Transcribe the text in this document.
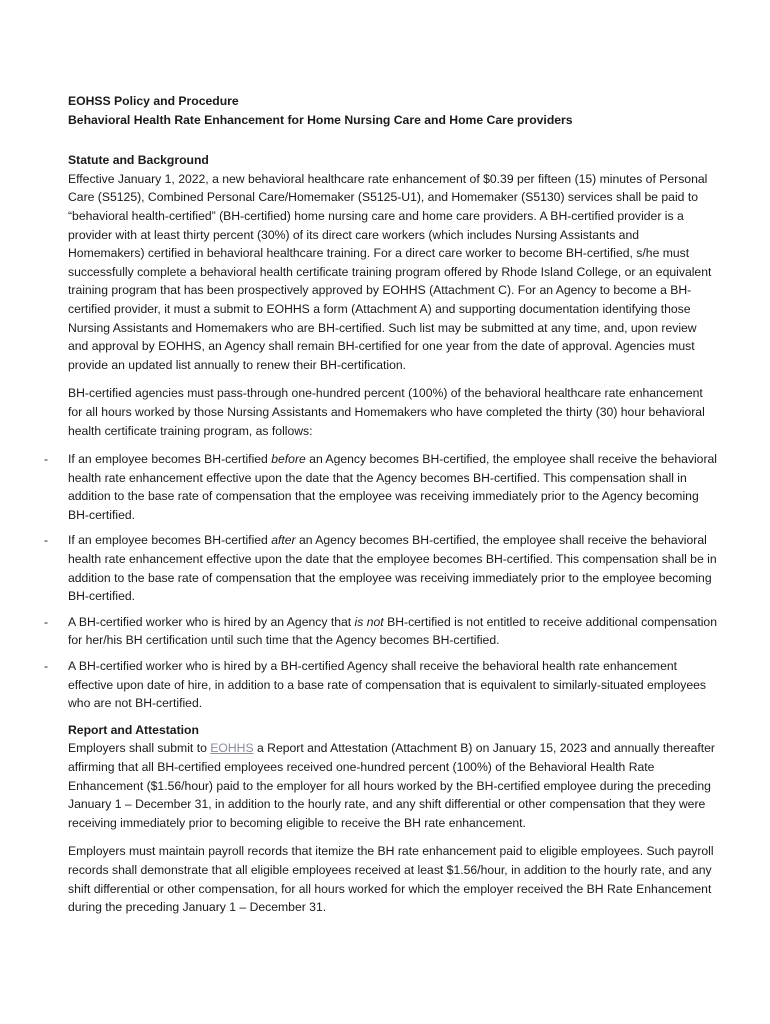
EOHSS Policy and Procedure
Behavioral Health Rate Enhancement for Home Nursing Care and Home Care providers
Statute and Background

Effective January 1, 2022, a new behavioral healthcare rate enhancement of $0.39 per fifteen (15) minutes of Personal Care (S5125), Combined Personal Care/Homemaker (S5125-U1), and Homemaker (S5130) services shall be paid to “behavioral health-certified” (BH-certified) home nursing care and home care providers. A BH-certified provider is a provider with at least thirty percent (30%) of its direct care workers (which includes Nursing Assistants and Homemakers) certified in behavioral healthcare training. For a direct care worker to become BH-certified, s/he must successfully complete a behavioral health certificate training program offered by Rhode Island College, or an equivalent training program that has been prospectively approved by EOHHS (Attachment C). For an Agency to become a BH-certified provider, it must a submit to EOHHS a form (Attachment A) and supporting documentation identifying those Nursing Assistants and Homemakers who are BH-certified. Such list may be submitted at any time, and, upon review and approval by EOHHS, an Agency shall remain BH-certified for one year from the date of approval. Agencies must provide an updated list annually to renew their BH-certification.

BH-certified agencies must pass-through one-hundred percent (100%) of the behavioral healthcare rate enhancement for all hours worked by those Nursing Assistants and Homemakers who have completed the thirty (30) hour behavioral health certificate training program, as follows:

- If an employee becomes BH-certified before an Agency becomes BH-certified, the employee shall receive the behavioral health rate enhancement effective upon the date that the Agency becomes BH-certified. This compensation shall in addition to the base rate of compensation that the employee was receiving immediately prior to the Agency becoming BH-certified.
- If an employee becomes BH-certified after an Agency becomes BH-certified, the employee shall receive the behavioral health rate enhancement effective upon the date that the employee becomes BH-certified. This compensation shall be in addition to the base rate of compensation that the employee was receiving immediately prior to the employee becoming BH-certified.
- A BH-certified worker who is hired by an Agency that is not BH-certified is not entitled to receive additional compensation for her/his BH certification until such time that the Agency becomes BH-certified.
- A BH-certified worker who is hired by a BH-certified Agency shall receive the behavioral health rate enhancement effective upon date of hire, in addition to a base rate of compensation that is equivalent to similarly-situated employees who are not BH-certified.
Report and Attestation

Employers shall submit to EOHHS a Report and Attestation (Attachment B) on January 15, 2023 and annually thereafter affirming that all BH-certified employees received one-hundred percent (100%) of the Behavioral Health Rate Enhancement ($1.56/hour) paid to the employer for all hours worked by the BH-certified employee during the preceding January 1 – December 31, in addition to the hourly rate, and any shift differential or other compensation that they were receiving immediately prior to becoming eligible to receive the BH rate enhancement.

Employers must maintain payroll records that itemize the BH rate enhancement paid to eligible employees. Such payroll records shall demonstrate that all eligible employees received at least $1.56/hour, in addition to the hourly rate, and any shift differential or other compensation, for all hours worked for which the employer received the BH Rate Enhancement during the preceding January 1 – December 31.
